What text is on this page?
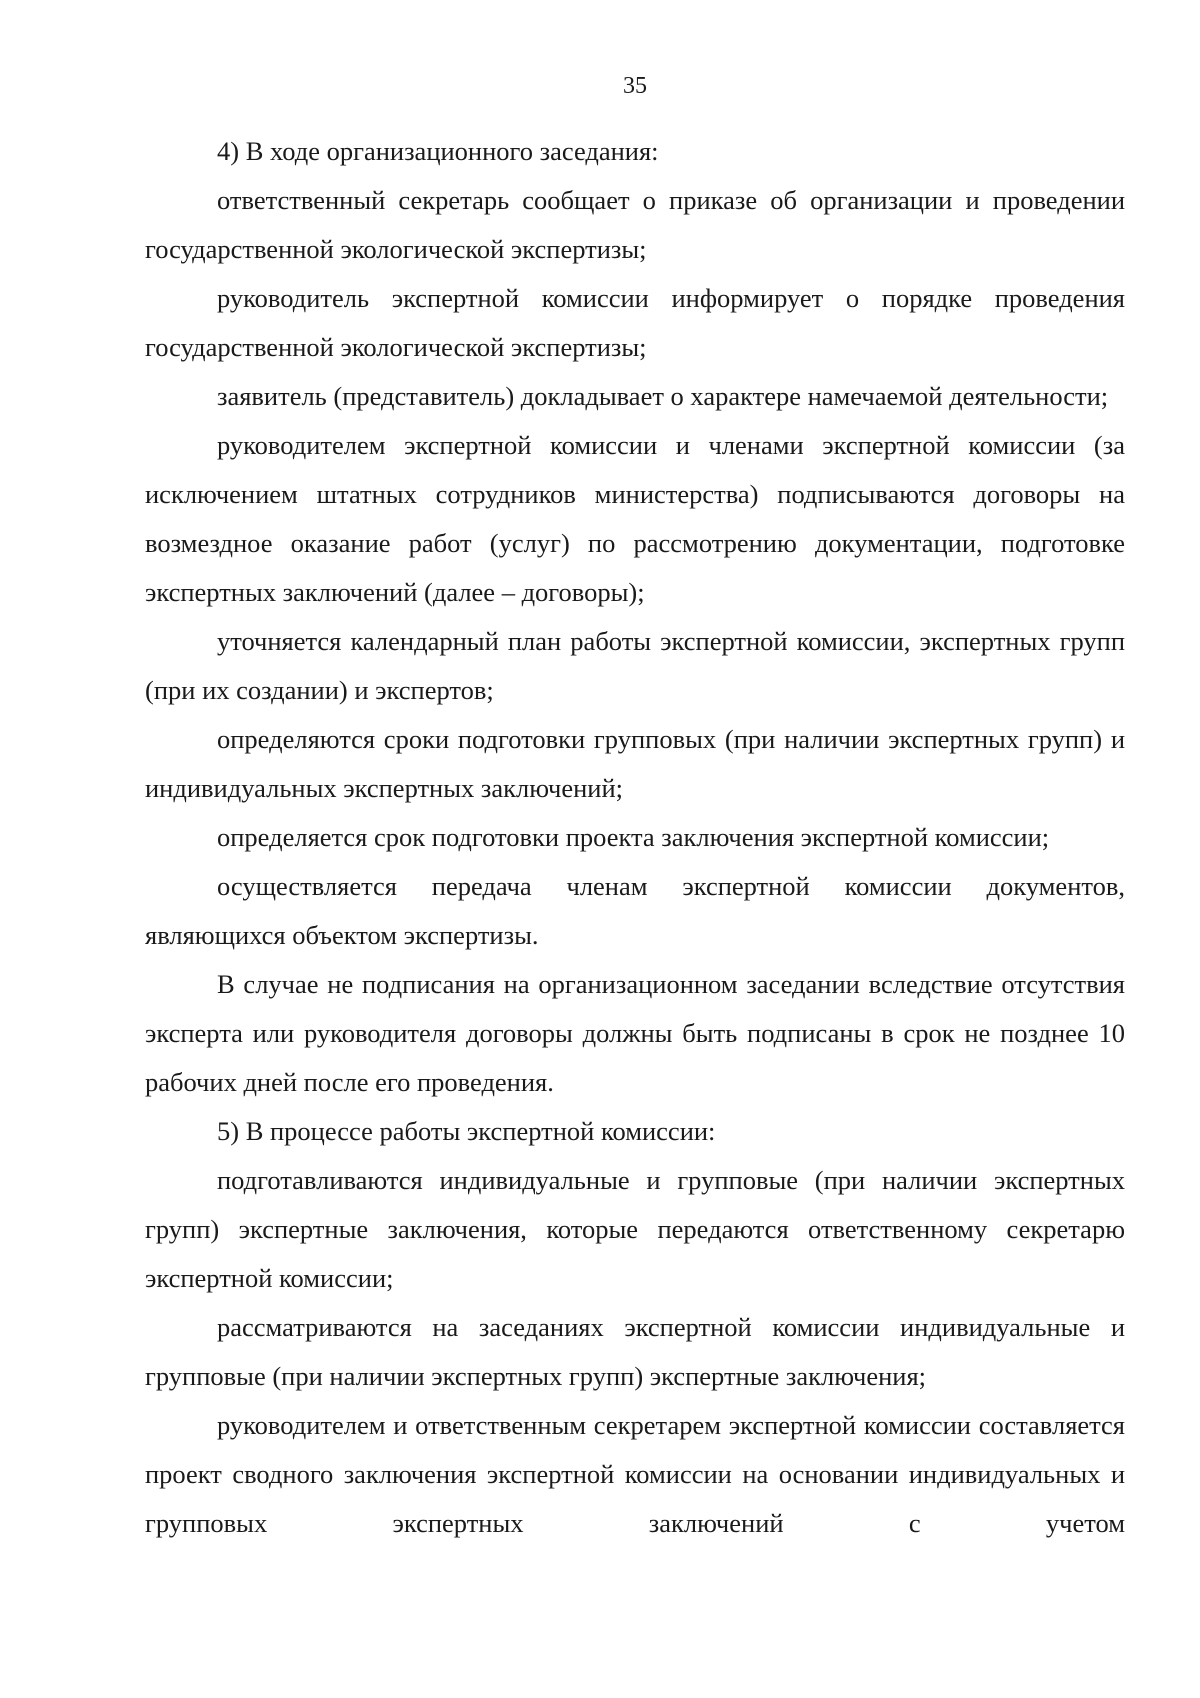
35

4) В ходе организационного заседания:

ответственный секретарь сообщает о приказе об организации и проведении государственной экологической экспертизы;

руководитель экспертной комиссии информирует о порядке проведения государственной экологической экспертизы;

заявитель (представитель) докладывает о характере намечаемой деятельности;

руководителем экспертной комиссии и членами экспертной комиссии (за исключением штатных сотрудников министерства) подписываются договоры на возмездное оказание работ (услуг) по рассмотрению документации, подготовке экспертных заключений (далее – договоры);

уточняется календарный план работы экспертной комиссии, экспертных групп (при их создании) и экспертов;

определяются сроки подготовки групповых (при наличии экспертных групп) и индивидуальных экспертных заключений;

определяется срок подготовки проекта заключения экспертной комиссии;

осуществляется передача членам экспертной комиссии документов, являющихся объектом экспертизы.

В случае не подписания на организационном заседании вследствие отсутствия эксперта или руководителя договоры должны быть подписаны в срок не позднее 10 рабочих дней после его проведения.

5) В процессе работы экспертной комиссии:

подготавливаются индивидуальные и групповые (при наличии экспертных групп) экспертные заключения, которые передаются ответственному секретарю экспертной комиссии;

рассматриваются на заседаниях экспертной комиссии индивидуальные и групповые (при наличии экспертных групп) экспертные заключения;

руководителем и ответственным секретарем экспертной комиссии составляется проект сводного заключения экспертной комиссии на основании индивидуальных и групповых экспертных заключений с учетом
